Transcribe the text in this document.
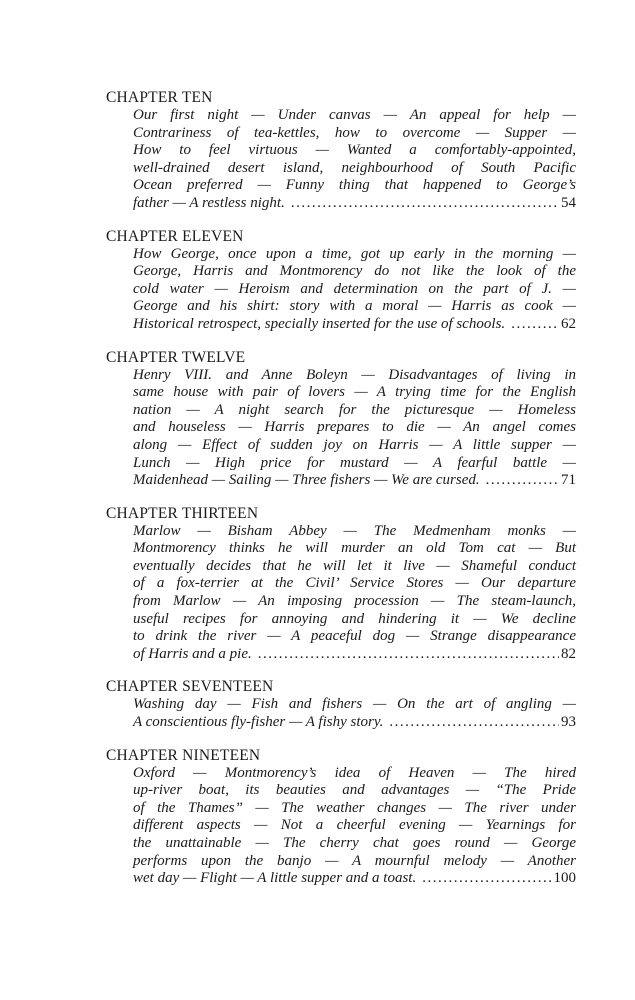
CHAPTER TEN
Our first night — Under canvas — An appeal for help —
Contrariness of tea-kettles, how to overcome — Supper —
How to feel virtuous — Wanted a comfortably-appointed,
well-drained desert island, neighbourhood of South Pacific
Ocean preferred — Funny thing that happened to George’s
father — A restless night. .....	54
CHAPTER ELEVEN
How George, once upon a time, got up early in the morning —
George, Harris and Montmorency do not like the look of the
cold water — Heroism and determination on the part of J. —
George and his shirt: story with a moral — Harris as cook —
Historical retrospect, specially inserted for the use of schools. .....	62
CHAPTER TWELVE
Henry VIII. and Anne Boleyn — Disadvantages of living in
same house with pair of lovers — A trying time for the English
nation — A night search for the picturesque — Homeless
and houseless — Harris prepares to die — An angel comes
along — Effect of sudden joy on Harris — A little supper —
Lunch — High price for mustard — A fearful battle —
Maidenhead — Sailing — Three fishers — We are cursed. .....	71
CHAPTER THIRTEEN
Marlow — Bisham Abbey — The Medmenham monks —
Montmorency thinks he will murder an old Tom cat — But
eventually decides that he will let it live — Shameful conduct
of a fox-terrier at the Civil’ Service Stores — Our departure
from Marlow — An imposing procession — The steam-launch,
useful recipes for annoying and hindering it — We decline
to drink the river — A peaceful dog — Strange disappearance
of Harris and a pie. .....	82
CHAPTER SEVENTEEN
Washing day — Fish and fishers — On the art of angling —
A conscientious fly-fisher — A fishy story. .....	93
CHAPTER NINETEEN
Oxford — Montmorency’s idea of Heaven — The hired
up-river boat, its beauties and advantages — “The Pride
of the Thames” — The weather changes — The river under
different aspects — Not a cheerful evening — Yearnings for
the unattainable — The cherry chat goes round — George
performs upon the banjo — A mournful melody — Another
wet day — Flight — A little supper and a toast. .....	100
